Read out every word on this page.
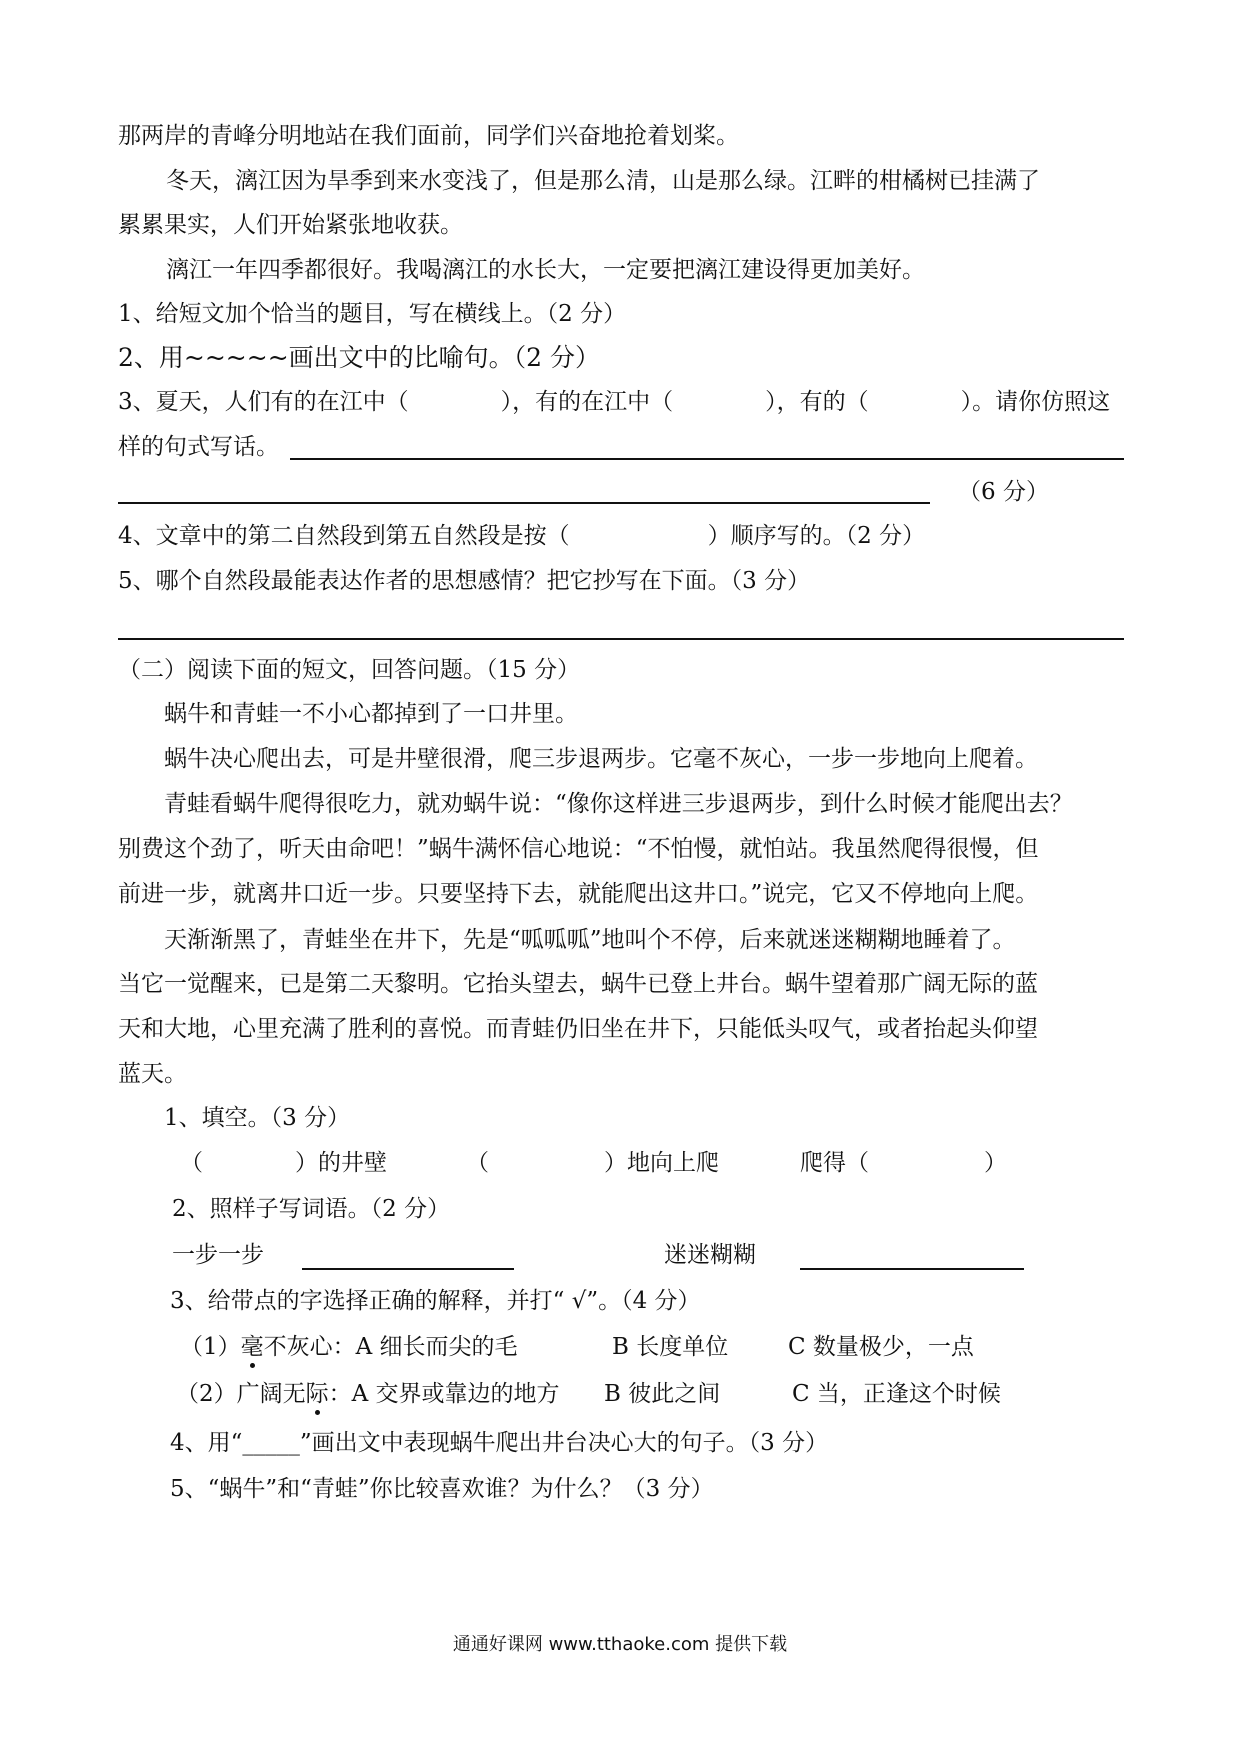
那两岸的青峰分明地站在我们面前，同学们兴奋地抢着划桨。
冬天，漓江因为旱季到来水变浅了，但是那么清，山是那么绿。江畔的柑橘树已挂满了
累累果实，人们开始紧张地收获。
漓江一年四季都很好。我喝漓江的水长大，一定要把漓江建设得更加美好。
1、给短文加个恰当的题目，写在横线上。（2 分）
2、用~~~~~画出文中的比喻句。（2 分）
3、夏天，人们有的在江中（　　　　），有的在江中（　　　　），有的（　　　　）。请你仿照这
样的句式写话。
（6 分）
4、文章中的第二自然段到第五自然段是按（　　　　　　）顺序写的。（2 分）
5、哪个自然段最能表达作者的思想感情？把它抄写在下面。（3 分）
（二）阅读下面的短文，回答问题。（15 分）
蜗牛和青蛙一不小心都掉到了一口井里。
蜗牛决心爬出去，可是井壁很滑，爬三步退两步。它毫不灰心，一步一步地向上爬着。
青蛙看蜗牛爬得很吃力，就劝蜗牛说：“像你这样进三步退两步，到什么时候才能爬出去？
别费这个劲了，听天由命吧！”蜗牛满怀信心地说：“不怕慢，就怕站。我虽然爬得很慢，但
前进一步，就离井口近一步。只要坚持下去，就能爬出这井口。”说完，它又不停地向上爬。
天渐渐黑了，青蛙坐在井下，先是“呱呱呱”地叫个不停，后来就迷迷糊糊地睡着了。
当它一觉醒来，已是第二天黎明。它抬头望去，蜗牛已登上井台。蜗牛望着那广阔无际的蓝
天和大地，心里充满了胜利的喜悦。而青蛙仍旧坐在井下，只能低头叹气，或者抬起头仰望
蓝天。
1、填空。（3 分）
（　　　　）的井壁	（　　　　　）地向上爬	爬得（　　　　　）
2、照样子写词语。（2 分）
一步一步	迷迷糊糊
3、给带点的字选择正确的解释，并打“ √”。（4 分）
（1）毫不灰心：A 细长而尖的毛	B 长度单位	C 数量极少，一点
（2）广阔无际：A 交界或靠边的地方 B 彼此之间	C 当，正逢这个时候
4、用“_____”画出文中表现蜗牛爬出井台决心大的句子。（3 分）
5、“蜗牛”和“青蛙”你比较喜欢谁？为什么？（3 分）
通通好课网 www.tthaoke.com 提供下载
